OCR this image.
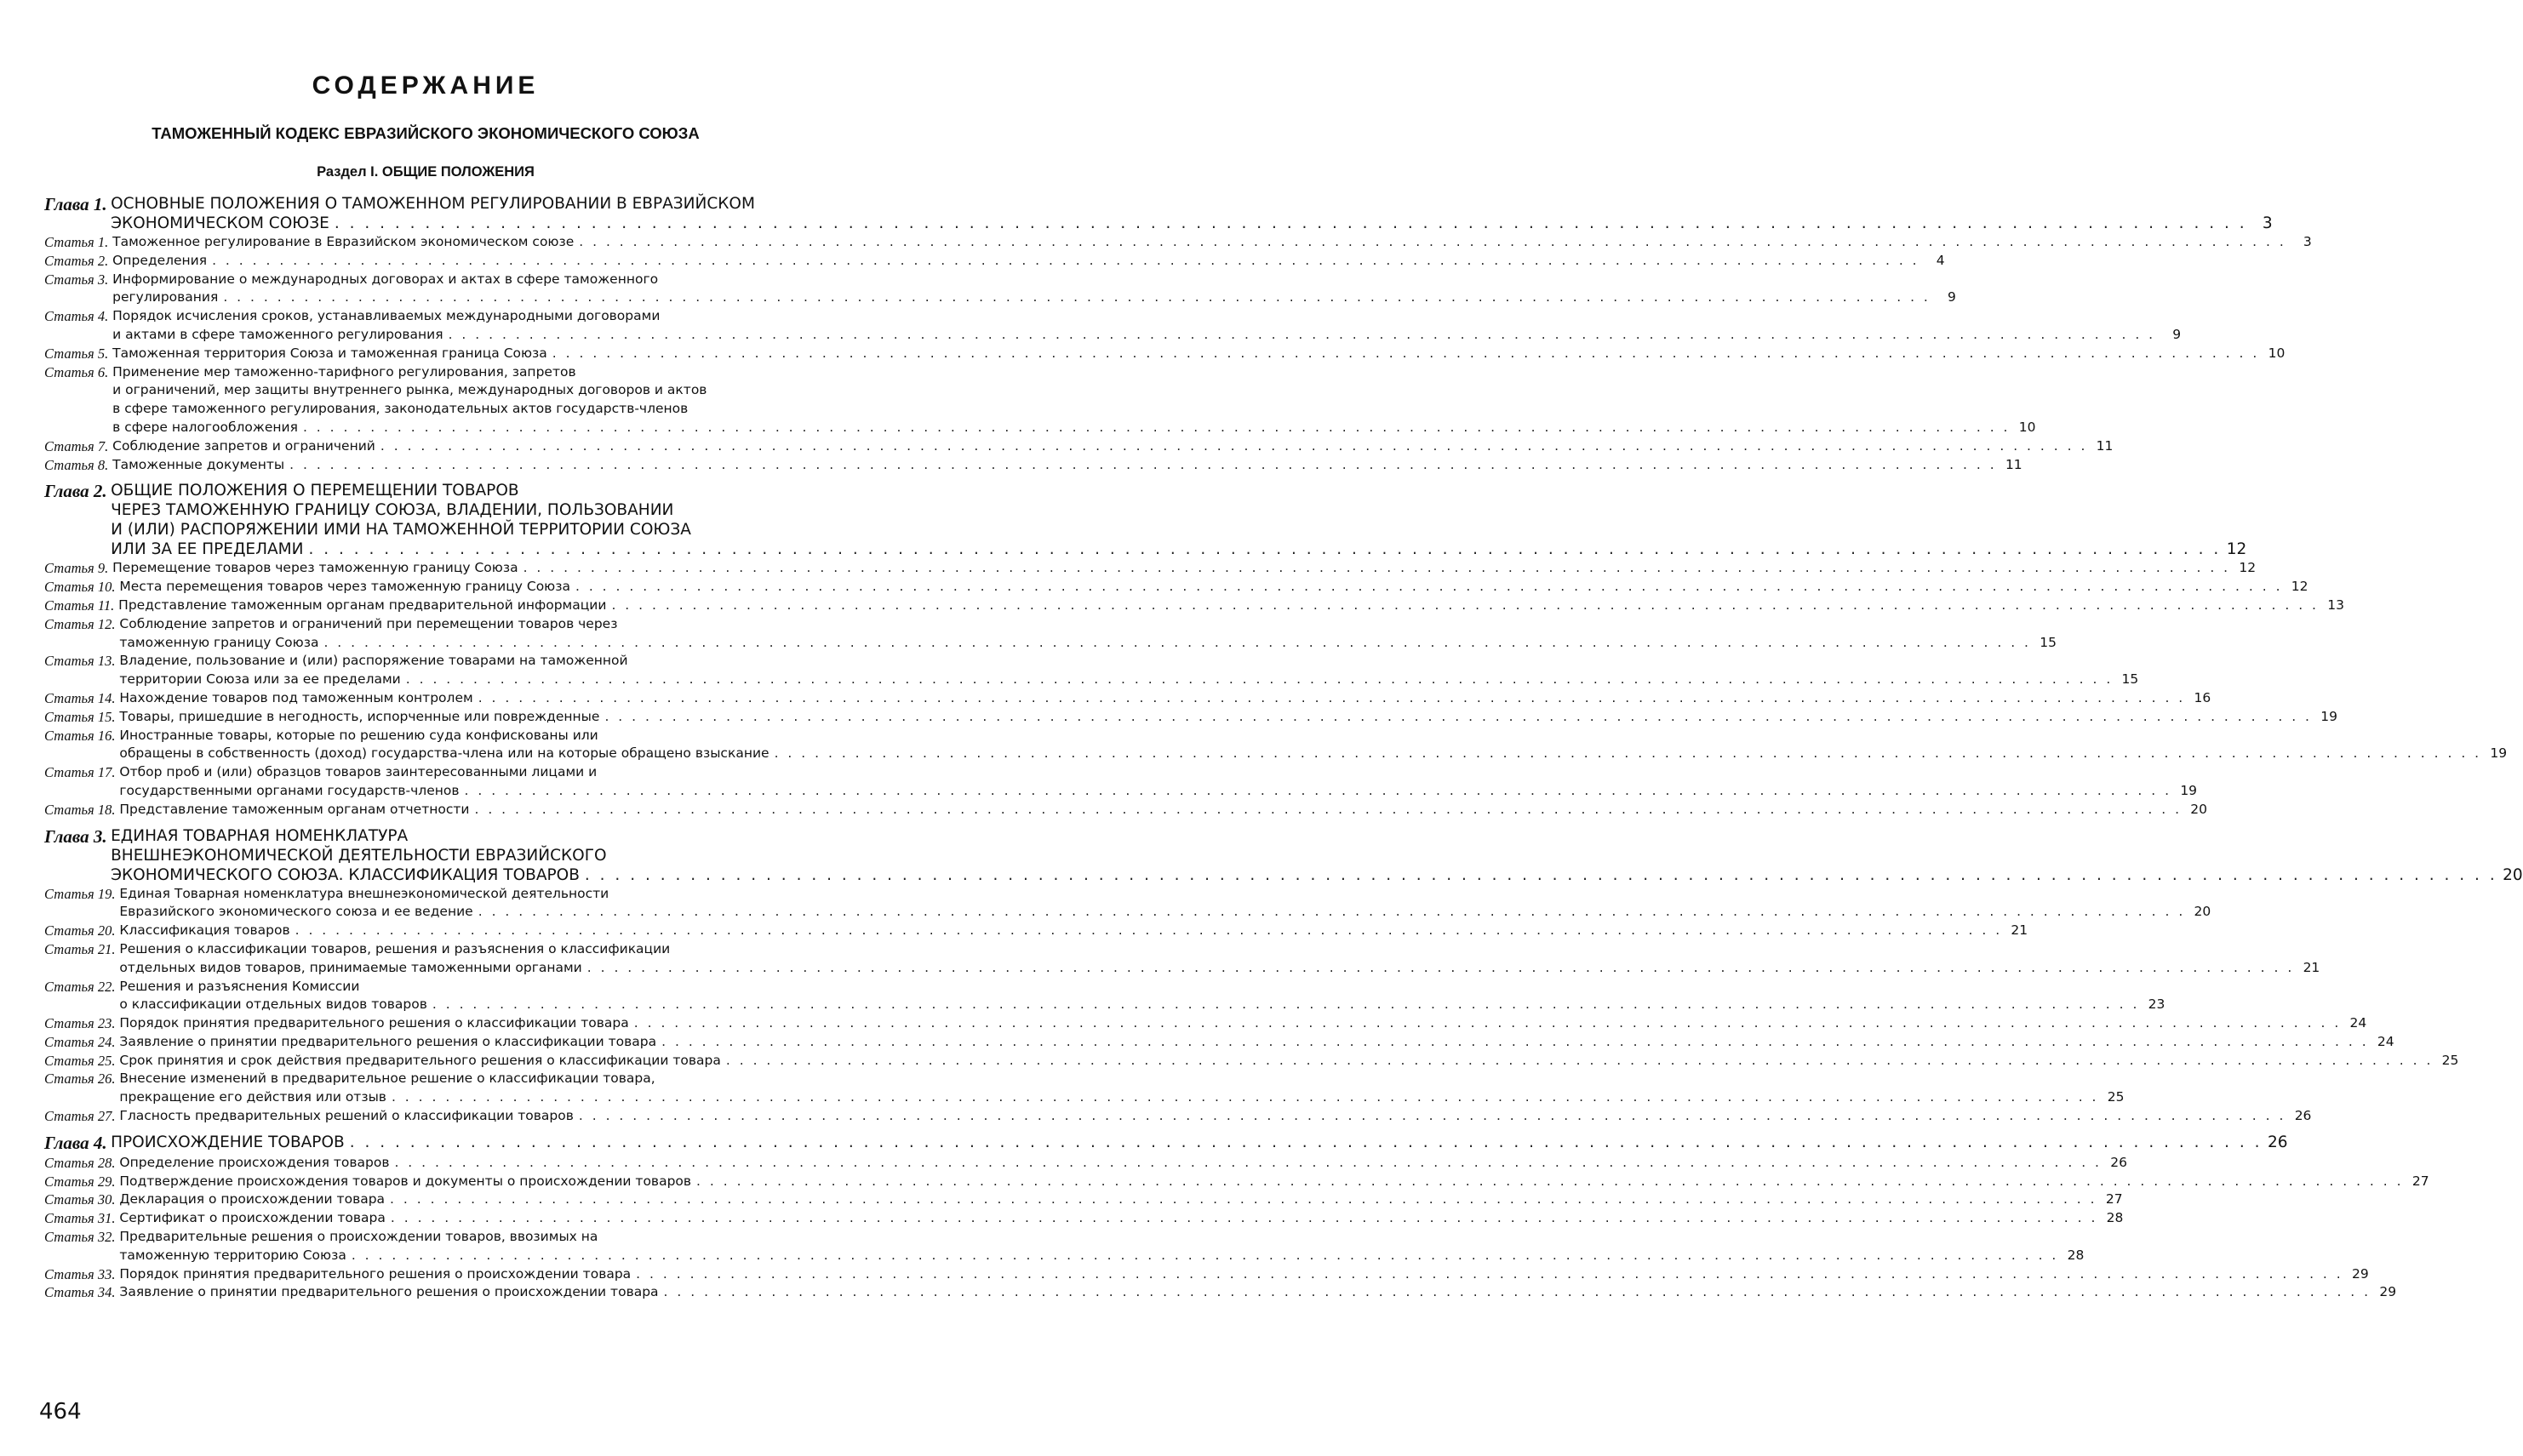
СОДЕРЖАНИЕ
ТАМОЖЕННЫЙ КОДЕКС ЕВРАЗИЙСКОГО ЭКОНОМИЧЕСКОГО СОЮЗА
Раздел I. ОБЩИЕ ПОЛОЖЕНИЯ
Глава 1.
ОСНОВНЫЕ ПОЛОЖЕНИЯ О ТАМОЖЕННОМ РЕГУЛИРОВАНИИ В ЕВРАЗИЙСКОМ
ЭКОНОМИЧЕСКОМ СОЮЗЕ . . .	3
Статья 1.
Таможенное регулирование в Евразийском экономическом союзе . . .	3
Статья 2.
Определения . . .	4
Статья 3.
Информирование о международных договорах и актах в сфере таможенного
регулирования . . .	9
Статья 4.
Порядок исчисления сроков, устанавливаемых международными договорами
и актами в сфере таможенного регулирования . . .	9
Статья 5.
Таможенная территория Союза и таможенная граница Союза . . .	10
Статья 6.
Применение мер таможенно-тарифного регулирования, запретов
и ограничений, мер защиты внутреннего рынка, международных договоров и актов
в сфере таможенного регулирования, законодательных актов государств-членов
в сфере налогообложения . . .	10
Статья 7.
Соблюдение запретов и ограничений . . .	11
Статья 8.
Таможенные документы . . .	11
Глава 2.
ОБЩИЕ ПОЛОЖЕНИЯ О ПЕРЕМЕЩЕНИИ ТОВАРОВ
ЧЕРЕЗ ТАМОЖЕННУЮ ГРАНИЦУ СОЮЗА, ВЛАДЕНИИ, ПОЛЬЗОВАНИИ
И (ИЛИ) РАСПОРЯЖЕНИИ ИМИ НА ТАМОЖЕННОЙ ТЕРРИТОРИИ СОЮЗА
ИЛИ ЗА ЕЕ ПРЕДЕЛАМИ . . .	12
Статья 9.
Перемещение товаров через таможенную границу Союза . . .	12
Статья 10.
Места перемещения товаров через таможенную границу Союза . . .	12
Статья 11.
Представление таможенным органам предварительной информации . . .	13
Статья 12.
Соблюдение запретов и ограничений при перемещении товаров через
таможенную границу Союза . . .	15
Статья 13.
Владение, пользование и (или) распоряжение товарами на таможенной
территории Союза или за ее пределами . . .	15
Статья 14.
Нахождение товаров под таможенным контролем . . .	16
Статья 15.
Товары, пришедшие в негодность, испорченные или поврежденные . . .	19
Статья 16.
Иностранные товары, которые по решению суда конфискованы или
обращены в собственность (доход) государства-члена или на которые обращено взыскание . . .	19
Статья 17.
Отбор проб и (или) образцов товаров заинтересованными лицами и
государственными органами государств-членов . . .	19
Статья 18.
Представление таможенным органам отчетности . . .	20
Глава 3.
ЕДИНАЯ ТОВАРНАЯ НОМЕНКЛАТУРА
ВНЕШНЕЭКОНОМИЧЕСКОЙ ДЕЯТЕЛЬНОСТИ ЕВРАЗИЙСКОГО
ЭКОНОМИЧЕСКОГО СОЮЗА. КЛАССИФИКАЦИЯ ТОВАРОВ . . .	20
Статья 19.
Единая Товарная номенклатура внешнеэкономической деятельности
Евразийского экономического союза и ее ведение . . .	20
Статья 20.
Классификация товаров . . .	21
Статья 21.
Решения о классификации товаров, решения и разъяснения о классификации
отдельных видов товаров, принимаемые таможенными органами . . .	21
Статья 22.
Решения и разъяснения Комиссии
о классификации отдельных видов товаров . . .	23
Статья 23.
Порядок принятия предварительного решения о классификации товара . . .	24
Статья 24.
Заявление о принятии предварительного решения о классификации товара . . .	24
Статья 25.
Срок принятия и срок действия предварительного решения о классификации товара . . .	25
Статья 26.
Внесение изменений в предварительное решение о классификации товара,
прекращение его действия или отзыв . . .	25
Статья 27.
Гласность предварительных решений о классификации товаров . . .	26
Глава 4.
ПРОИСХОЖДЕНИЕ ТОВАРОВ . . .	26
Статья 28.
Определение происхождения товаров . . .	26
Статья 29.
Подтверждение происхождения товаров и документы о происхождении товаров . . .	27
Статья 30.
Декларация о происхождении товара . . .	27
Статья 31.
Сертификат о происхождении товара . . .	28
Статья 32.
Предварительные решения о происхождении товаров, ввозимых на
таможенную территорию Союза . . .	28
Статья 33.
Порядок принятия предварительного решения о происхождении товара . . .	29
Статья 34.
Заявление о принятии предварительного решения о происхождении товара . . .	29
464
